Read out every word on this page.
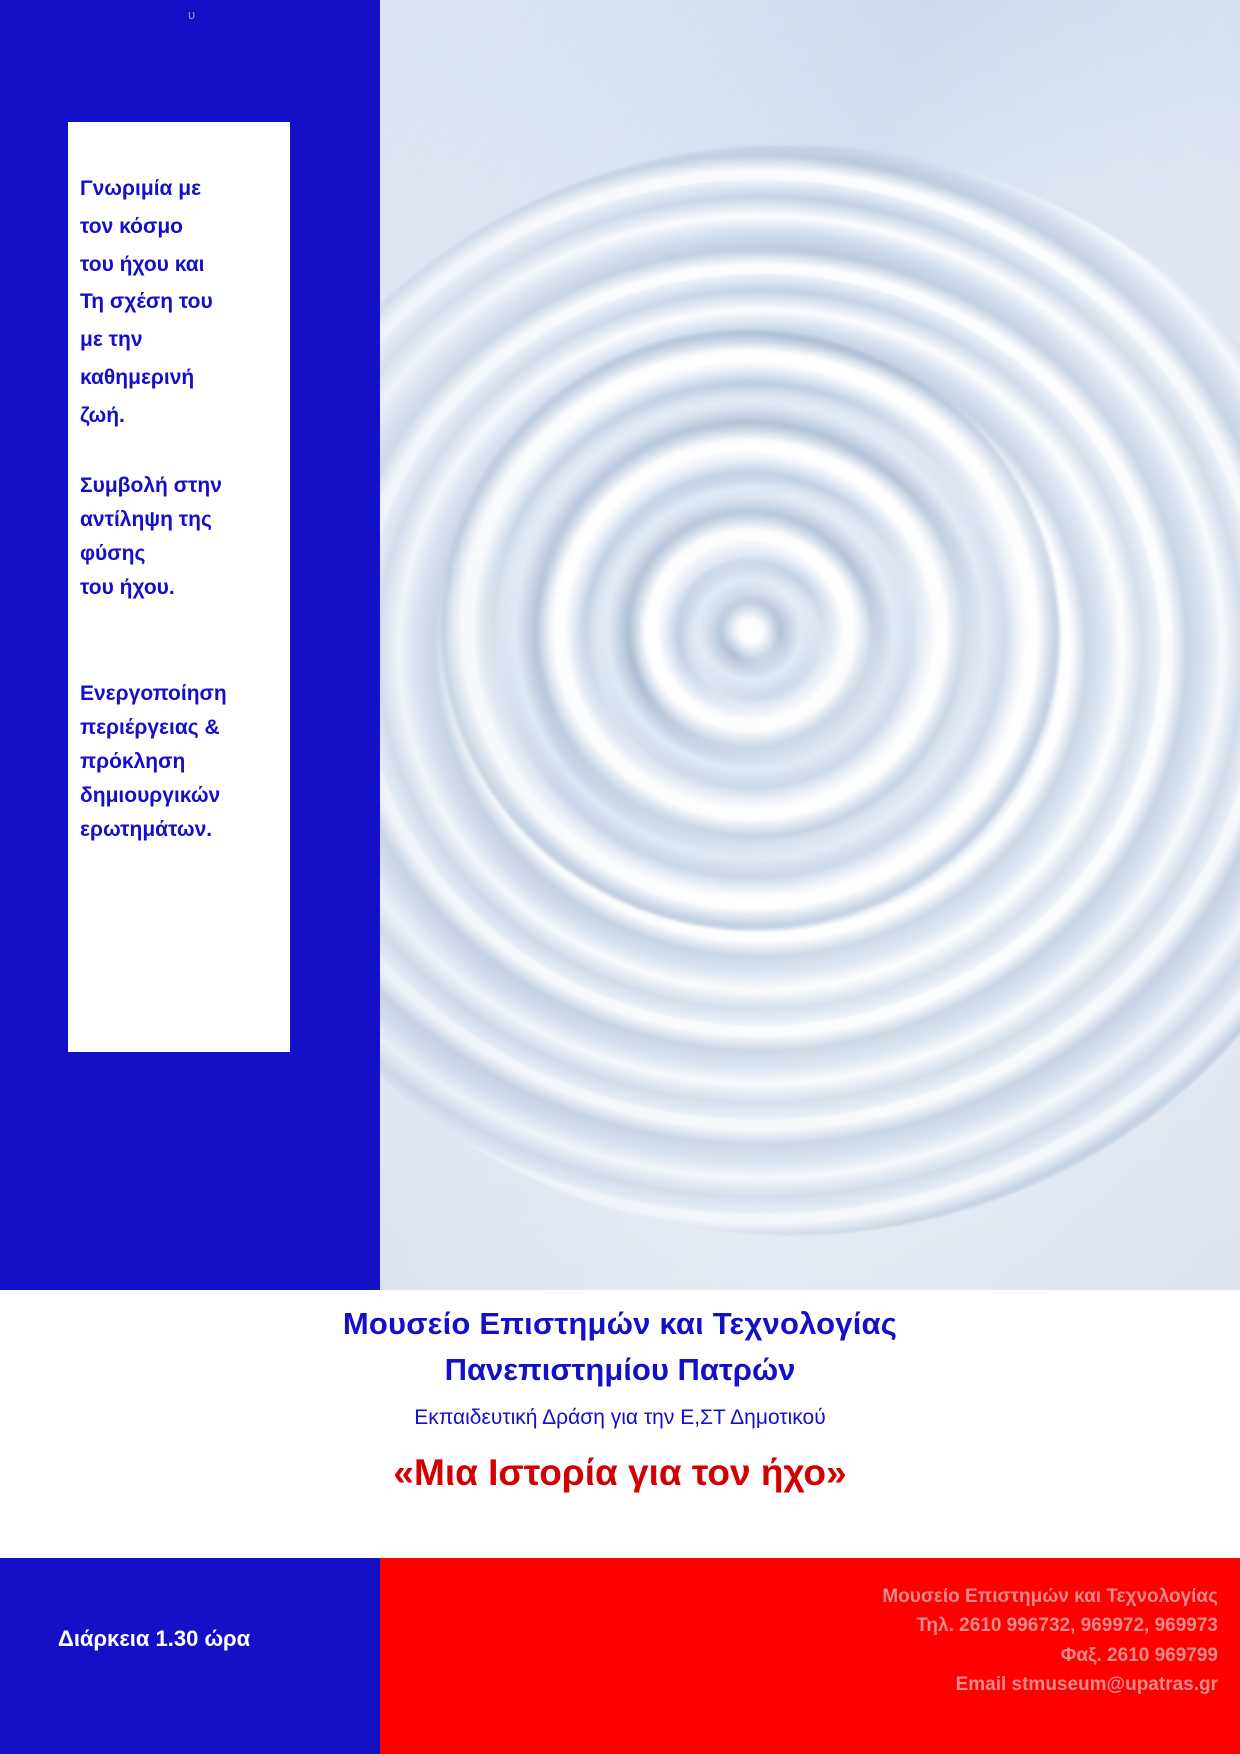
υ

Γνωριμία με

τον κόσμο

του ήχου και

Τη σχέση του

με την

καθημερινή

ζωή.

Συμβολή στην

αντίληψη της

φύσης

του ήχου.

Ενεργοποίηση

περιέργειας &

πρόκληση

δημιουργικών

ερωτημάτων.

Μουσείο Επιστημών και Τεχνολογίας

Πανεπιστημίου Πατρών

Εκπαιδευτική Δράση για την Ε,ΣΤ Δημοτικού

«Μια Ιστορία για τον ήχο»

Διάρκεια 1.30 ώρα
Μουσείο Επιστημών και Τεχνολογίας
Τηλ. 2610 996732, 969972, 969973
Φαξ. 2610 969799
Email stmuseum@upatras.gr
